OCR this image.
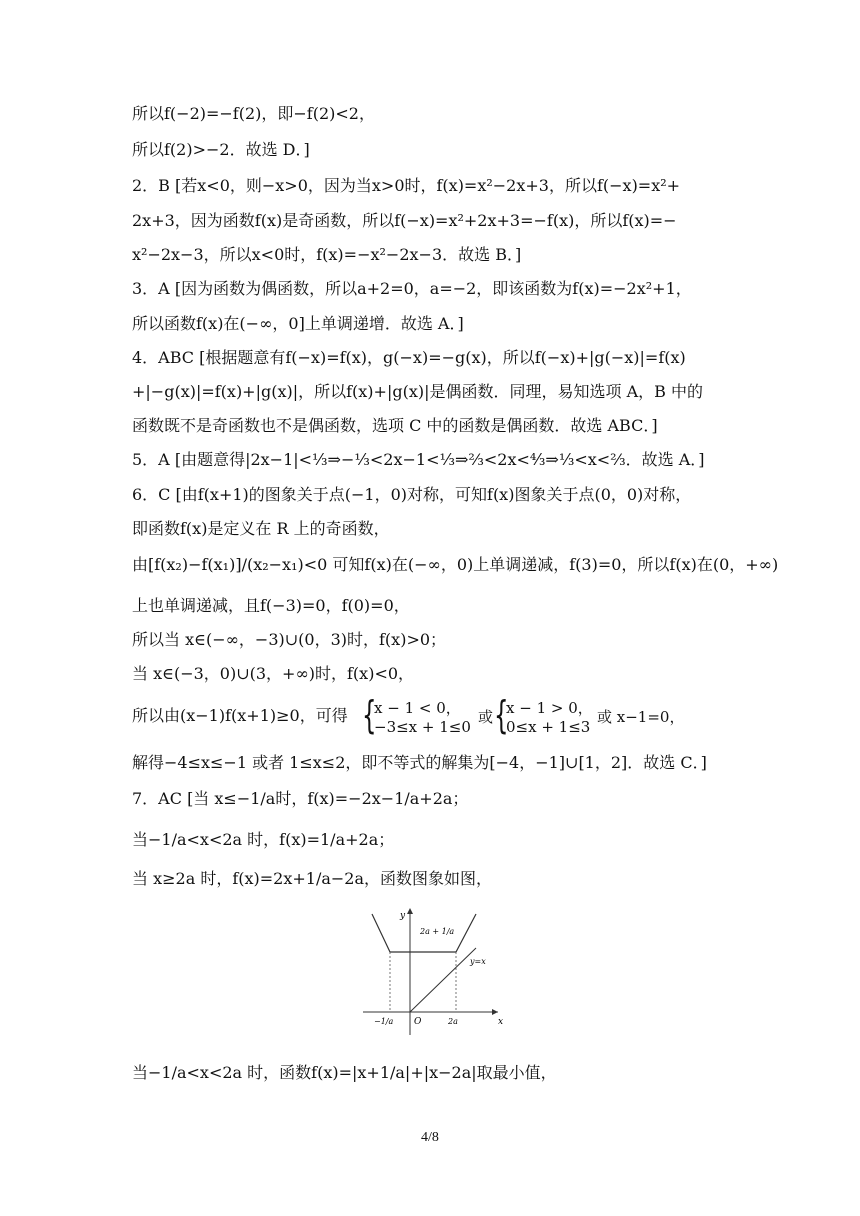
所以f(−2)=−f(2)，即−f(2)<2，
所以f(2)>−2．故选 D．]
2．B [若x<0，则−x>0，因为当x>0时，f(x)=x²−2x+3，所以f(−x)=x²+
2x+3，因为函数f(x)是奇函数，所以f(−x)=x²+2x+3=−f(x)，所以f(x)=−
x²−2x−3，所以x<0时，f(x)=−x²−2x−3．故选 B．]
3．A [因为函数为偶函数，所以a+2=0，a=−2，即该函数为f(x)=−2x²+1，
所以函数f(x)在(−∞，0]上单调递增．故选 A．]
4．ABC [根据题意有f(−x)=f(x)，g(−x)=−g(x)，所以f(−x)+|g(−x)|=f(x)
+|−g(x)|=f(x)+|g(x)|，所以f(x)+|g(x)|是偶函数．同理，易知选项 A，B 中的
函数既不是奇函数也不是偶函数，选项 C 中的函数是偶函数．故选 ABC．]
5．A [由题意得|2x−1|<⅓⇒−⅓<2x−1<⅓⇒⅔<2x<⁴⁄₃⇒⅓<x<⅔．故选 A．]
6．C [由f(x+1)的图象关于点(−1，0)对称，可知f(x)图象关于点(0，0)对称，
即函数f(x)是定义在 R 上的奇函数，
由[f(x₂)−f(x₁)]/(x₂−x₁)<0 可知f(x)在(−∞，0)上单调递减，f(3)=0，所以f(x)在(0，+∞)
上也单调递减，且f(−3)=0，f(0)=0，
所以当 x∈(−∞，−3)∪(0，3)时，f(x)>0；
当 x∈(−3，0)∪(3，+∞)时，f(x)<0，
所以由(x−1)f(x+1)≥0，可得 {
x − 1 < 0，
−3≤x + 1≤0
或 {
x − 1 > 0，
0≤x + 1≤3
或 x−1=0，
解得−4≤x≤−1 或者 1≤x≤2，即不等式的解集为[−4，−1]∪[1，2]．故选 C．]
7．AC [当 x≤−1/a时，f(x)=−2x−1/a+2a；
当−1/a<x<2a 时，f(x)=1/a+2a；
当 x≥2a 时，f(x)=2x+1/a−2a，函数图象如图，
y
x
O
2a + 1/a
y=x
−1/a	2a
当−1/a<x<2a 时，函数f(x)=|x+1/a|+|x−2a|取最小值，
4/8
